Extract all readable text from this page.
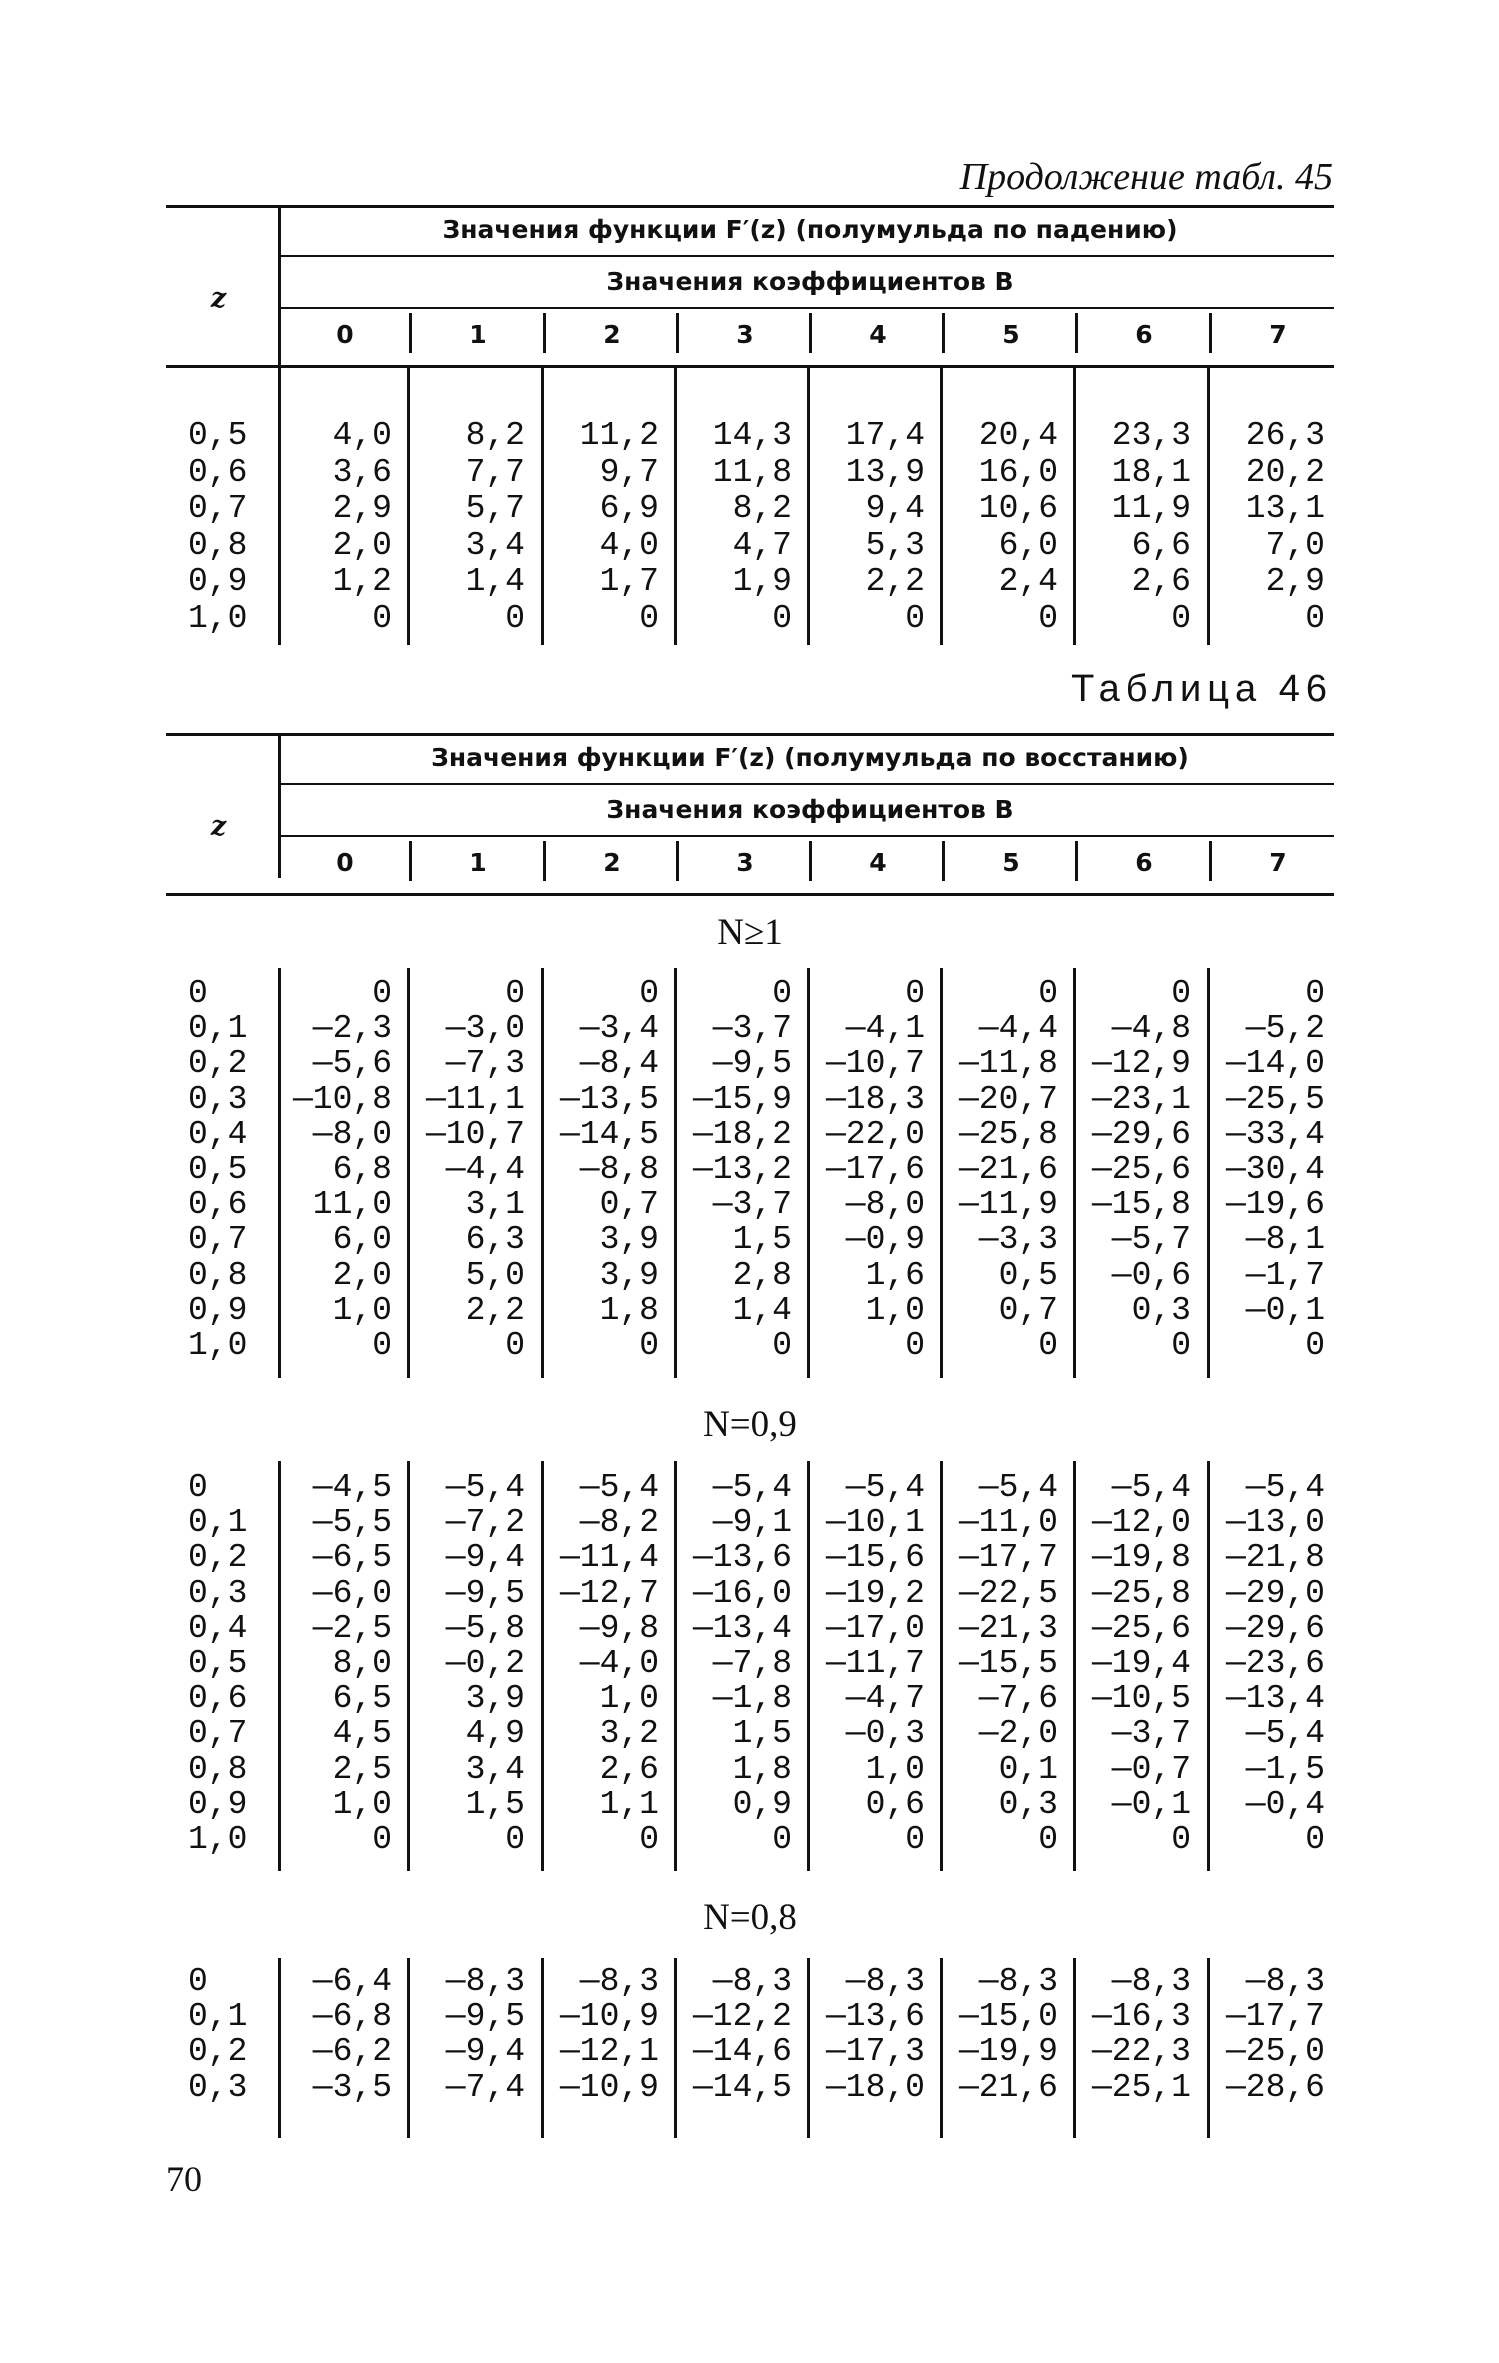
Продолжение табл. 45
Значения функции F′(z) (полумульда по падению)
Значения коэффициентов B
z
0	1	2	3	4	5	6	7
0,5	4,0	8,2	11,2	14,3	17,4	20,4	23,3	26,3
0,6	3,6	7,7	9,7	11,8	13,9	16,0	18,1	20,2
0,7	2,9	5,7	6,9	8,2	9,4	10,6	11,9	13,1
0,8	2,0	3,4	4,0	4,7	5,3	6,0	6,6	7,0
0,9	1,2	1,4	1,7	1,9	2,2	2,4	2,6	2,9
1,0	0	0	0	0	0	0	0	0
Таблица 46
Значения функции F′(z) (полумульда по восстанию)
Значения коэффициентов B
z
0	1	2	3	4	5	6	7
N≥1
0	0	0	0	0	0	0	0	0
0,1	—2,3	—3,0	—3,4	—3,7	—4,1	—4,4	—4,8	—5,2
0,2	—5,6	—7,3	—8,4	—9,5 —10,7 —11,8 —12,9 —14,0
0,3	—10,8 —11,1 —13,5 —15,9 —18,3 —20,7 —23,1 —25,5
0,4	—8,0 —10,7 —14,5 —18,2 —22,0 —25,8 —29,6 —33,4
0,5	6,8	—4,4	—8,8 —13,2 —17,6 —21,6 —25,6 —30,4
0,6	11,0	3,1	0,7	—3,7	—8,0 —11,9 —15,8 —19,6
0,7	6,0	6,3	3,9	1,5	—0,9	—3,3	—5,7	—8,1
0,8	2,0	5,0	3,9	2,8	1,6	0,5	—0,6	—1,7
0,9	1,0	2,2	1,8	1,4	1,0	0,7	0,3	—0,1
1,0	0	0	0	0	0	0	0	0
N=0,9
0	—4,5	—5,4	—5,4	—5,4	—5,4	—5,4	—5,4	—5,4
0,1	—5,5	—7,2	—8,2	—9,1 —10,1 —11,0 —12,0 —13,0
0,2	—6,5	—9,4 —11,4 —13,6 —15,6 —17,7 —19,8 —21,8
0,3	—6,0	—9,5 —12,7 —16,0 —19,2 —22,5 —25,8 —29,0
0,4	—2,5	—5,8	—9,8 —13,4 —17,0 —21,3 —25,6 —29,6
0,5	8,0	—0,2	—4,0	—7,8 —11,7 —15,5 —19,4 —23,6
0,6	6,5	3,9	1,0	—1,8	—4,7	—7,6 —10,5 —13,4
0,7	4,5	4,9	3,2	1,5	—0,3	—2,0	—3,7	—5,4
0,8	2,5	3,4	2,6	1,8	1,0	0,1	—0,7	—1,5
0,9	1,0	1,5	1,1	0,9	0,6	0,3	—0,1	—0,4
1,0	0	0	0	0	0	0	0	0
N=0,8
0	—6,4	—8,3	—8,3	—8,3	—8,3	—8,3	—8,3	—8,3
0,1	—6,8	—9,5 —10,9 —12,2 —13,6 —15,0 —16,3 —17,7
0,2	—6,2	—9,4 —12,1 —14,6 —17,3 —19,9 —22,3 —25,0
0,3	—3,5	—7,4 —10,9 —14,5 —18,0 —21,6 —25,1 —28,6
70
